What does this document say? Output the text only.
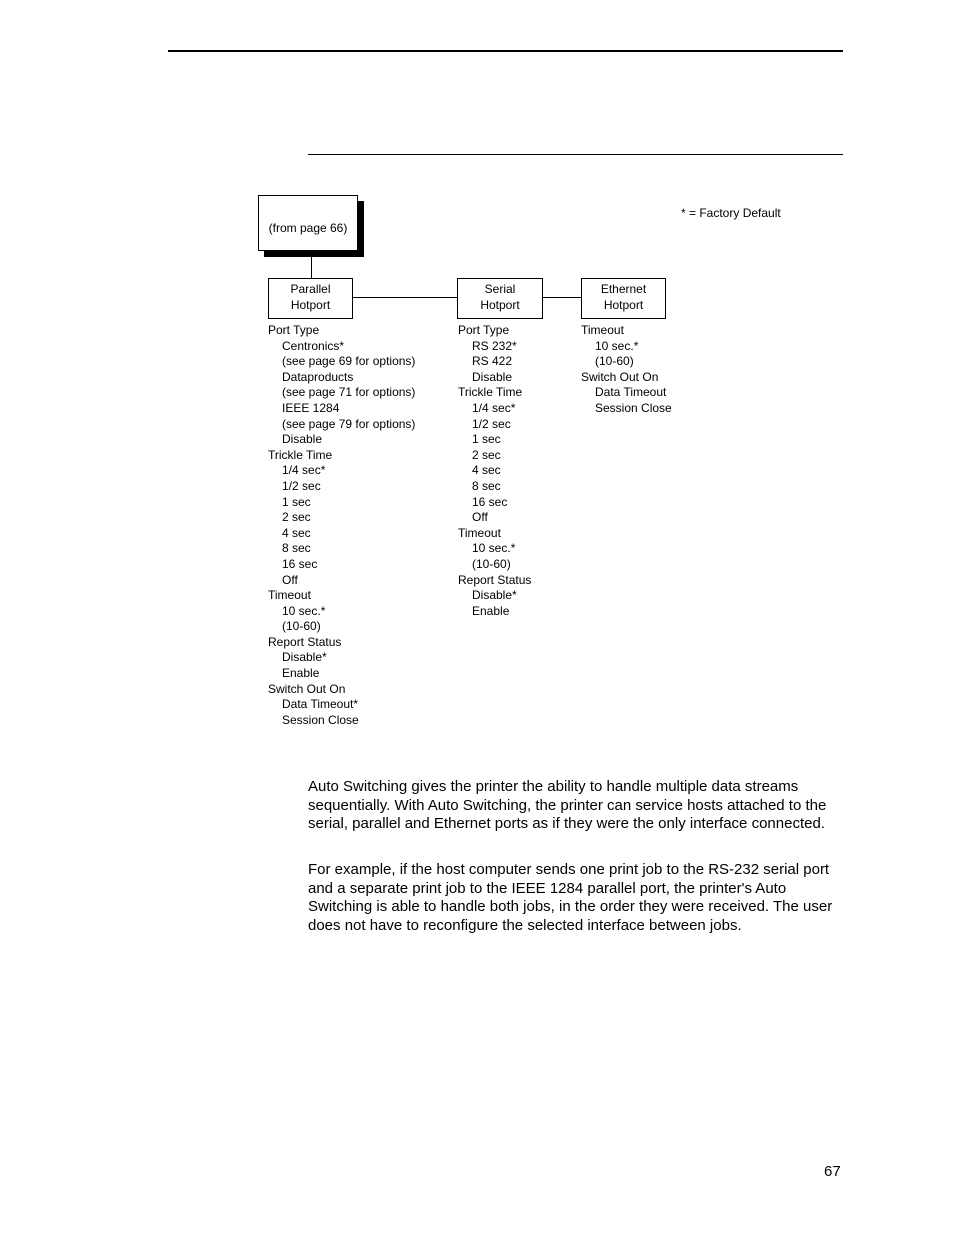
* = Factory Default
(from page 66)
Parallel
Hotport
Serial
Hotport
Ethernet
Hotport
Port Type
Centronics*
(see page 69 for options)
Dataproducts
(see page 71 for options)
IEEE 1284
(see page 79 for options)
Disable
Trickle Time
1/4 sec*
1/2 sec
1 sec
2 sec
4 sec
8 sec
16 sec
Off
Timeout
10 sec.*
(10-60)
Report Status
Disable*
Enable
Switch Out On
Data Timeout*
Session Close
Port Type
RS 232*
RS 422
Disable
Trickle Time
1/4 sec*
1/2 sec
1 sec
2 sec
4 sec
8 sec
16 sec
Off
Timeout
10 sec.*
(10-60)
Report Status
Disable*
Enable
Timeout
10 sec.*
(10-60)
Switch Out On
Data Timeout
Session Close

Auto Switching gives the printer the ability to handle multiple data streams sequentially. With Auto Switching, the printer can service hosts attached to the serial, parallel and Ethernet ports as if they were the only interface connected.

For example, if the host computer sends one print job to the RS-232 serial port and a separate print job to the IEEE 1284 parallel port, the printer's Auto Switching is able to handle both jobs, in the order they were received. The user does not have to reconfigure the selected interface between jobs.

67
